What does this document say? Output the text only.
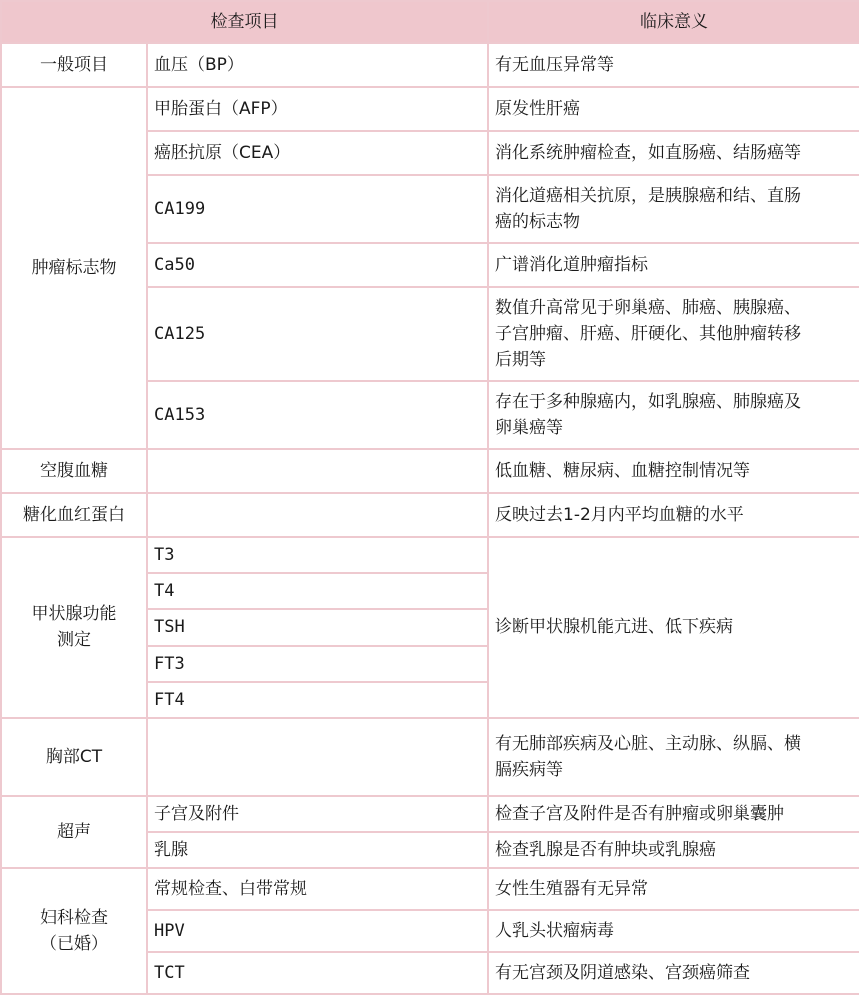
检查项目		临床意义
一般项目	血压（BP）	有无血压异常等
肿瘤标志物	甲胎蛋白（AFP）	原发性肝癌
	癌胚抗原（CEA）	消化系统肿瘤检查，如直肠癌、结肠癌等
	CA199	消化道癌相关抗原，是胰腺癌和结、直肠
癌的标志物

	Ca50	广谱消化道肿瘤指标
	CA125	数值升高常见于卵巢癌、肺癌、胰腺癌、
子宫肿瘤、肝癌、肝硬化、其他肿瘤转移
后期等

	CA153	存在于多种腺癌内，如乳腺癌、肺腺癌及
卵巢癌等

空腹血糖		低血糖、糖尿病、血糖控制情况等
糖化血红蛋白		反映过去1-2月内平均血糖的水平

甲状腺功能
测定	T3	诊断甲状腺机能亢进、低下疾病
	T4	
	TSH	
	FT3	
	FT4	
胸部CT		有无肺部疾病及心脏、主动脉、纵膈、横
膈疾病等

超声	子宫及附件	检查子宫及附件是否有肿瘤或卵巢囊肿
	乳腺	检查乳腺是否有肿块或乳腺癌

妇科检查
（已婚）	常规检查、白带常规	女性生殖器有无异常
	HPV	人乳头状瘤病毒
	TCT	有无宫颈及阴道感染、宫颈癌筛查
